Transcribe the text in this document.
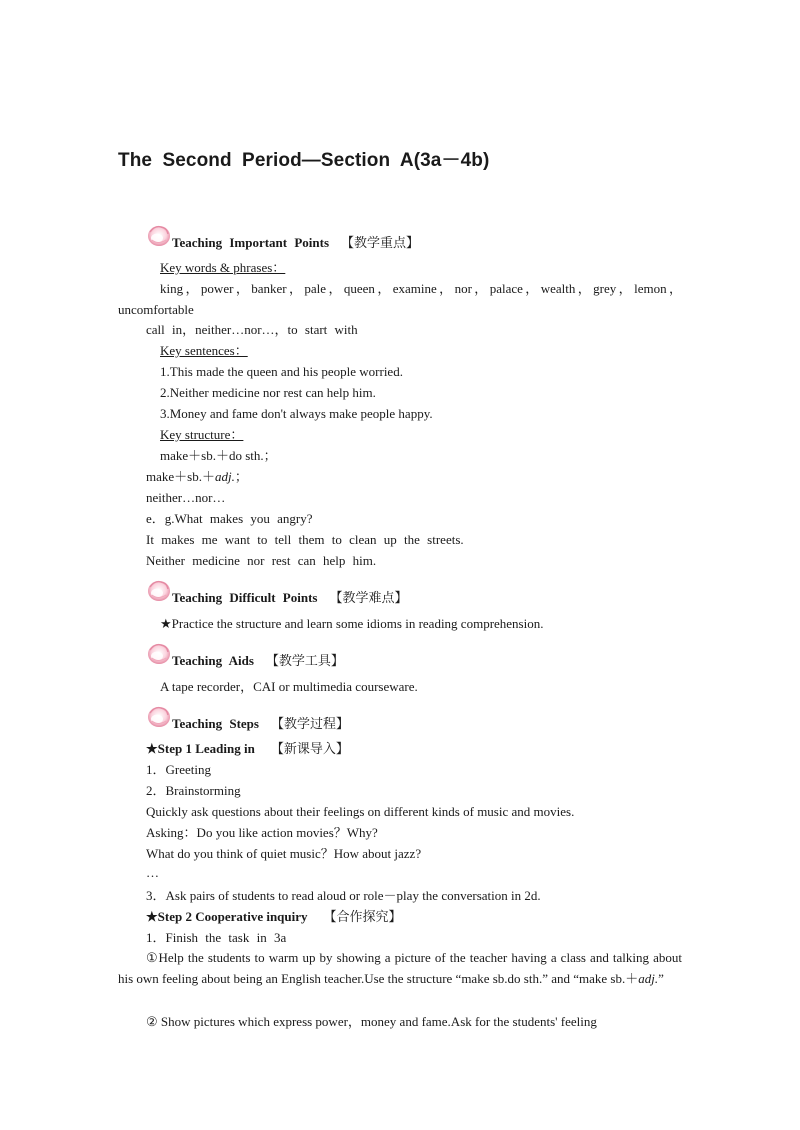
The Second Period—Section A(3a－4b)
Teaching Important Points 【教学重点】
Key words & phrases：
king，power，banker，pale，queen，examine，nor，palace，wealth，grey，lemon，uncomfortable
call in，neither…nor…，to start with
Key sentences：
1.This made the queen and his people worried.
2.Neither medicine nor rest can help him.
3.Money and fame don't always make people happy.
Key structure：
make＋sb.＋do sth.；
make＋sb.＋adj.；
neither…nor…
e．g.What makes you angry?
It makes me want to tell them to clean up the streets.
Neither medicine nor rest can help him.
Teaching Difficult Points 【教学难点】
★Practice the structure and learn some idioms in reading comprehension.
Teaching Aids 【教学工具】
A tape recorder，CAI or multimedia courseware.
Teaching Steps 【教学过程】
★Step 1 Leading in 【新课导入】
1．Greeting
2．Brainstorming
Quickly ask questions about their feelings on different kinds of music and movies.
Asking：Do you like action movies？Why?
What do you think of quiet music？How about jazz?
…
3．Ask pairs of students to read aloud or role－play the conversation in 2d.
★Step 2 Cooperative inquiry 【合作探究】
1．Finish the task in 3a
①Help the students to warm up by showing a picture of the teacher having a class and talking about his own feeling about being an English teacher.Use the structure “make sb.do sth.” and “make sb.＋adj.”
② Show pictures which express power，money and fame.Ask for the students' feeling
